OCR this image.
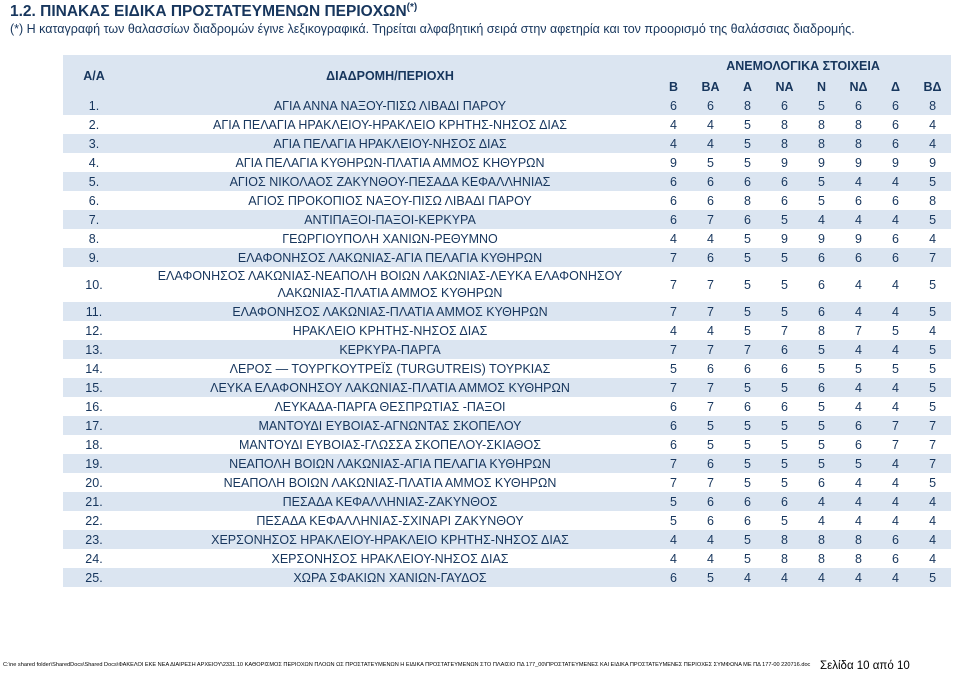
1.2. ΠΙΝΑΚΑΣ ΕΙΔΙΚΑ ΠΡΟΣΤΑΤΕΥΜΕΝΩΝ ΠΕΡΙΟΧΩΝ(*)
(*) Η καταγραφή των θαλασσίων διαδρομών έγινε λεξικογραφικά. Τηρείται αλφαβητική σειρά στην αφετηρία και τον προορισμό της θαλάσσιας διαδρομής.
Α/Α	ΔΙΑΔΡΟΜΗ/ΠΕΡΙΟΧΗ	ΑΝΕΜΟΛΟΓΙΚΑ ΣΤΟΙΧΕΙΑ							
		Β	ΒΑ	Α	ΝΑ	Ν	ΝΔ	Δ	ΒΔ
1.	ΑΓΙΑ ΑΝΝΑ ΝΑΞΟΥ-ΠΙΣΩ ΛΙΒΑΔΙ ΠΑΡΟΥ	6	6	8	6	5	6	6	8
2.	ΑΓΙΑ ΠΕΛΑΓΙΑ ΗΡΑΚΛΕΙΟΥ-ΗΡΑΚΛΕΙΟ ΚΡΗΤΗΣ-ΝΗΣΟΣ ΔΙΑΣ	4	4	5	8	8	8	6	4
3.	ΑΓΙΑ ΠΕΛΑΓΙΑ ΗΡΑΚΛΕΙΟΥ-ΝΗΣΟΣ ΔΙΑΣ	4	4	5	8	8	8	6	4
4.	ΑΓΙΑ ΠΕΛΑΓΙΑ ΚΥΘΗΡΩΝ-ΠΛΑΤΙΑ ΑΜΜΟΣ ΚΗΘΥΡΩΝ	9	5	5	9	9	9	9	9
5.	ΑΓΙΟΣ ΝΙΚΟΛΑΟΣ ΖΑΚΥΝΘΟΥ-ΠΕΣΑΔΑ ΚΕΦΑΛΛΗΝΙΑΣ	6	6	6	6	5	4	4	5
6.	ΑΓΙΟΣ ΠΡΟΚΟΠΙΟΣ ΝΑΞΟΥ-ΠΙΣΩ ΛΙΒΑΔΙ ΠΑΡΟΥ	6	6	8	6	5	6	6	8
7.	ΑΝΤΙΠΑΞΟΙ-ΠΑΞΟΙ-ΚΕΡΚΥΡΑ	6	7	6	5	4	4	4	5
8.	ΓΕΩΡΓΙΟΥΠΟΛΗ ΧΑΝΙΩΝ-ΡΕΘΥΜΝΟ	4	4	5	9	9	9	6	4
9.	ΕΛΑΦΟΝΗΣΟΣ ΛΑΚΩΝΙΑΣ-ΑΓΙΑ ΠΕΛΑΓΙΑ ΚΥΘΗΡΩΝ	7	6	5	5	6	6	6	7
10.	ΕΛΑΦΟΝΗΣΟΣ ΛΑΚΩΝΙΑΣ-ΝΕΑΠΟΛΗ ΒΟΙΩΝ ΛΑΚΩΝΙΑΣ-ΛΕΥΚΑ ΕΛΑΦΟΝΗΣΟΥ ΛΑΚΩΝΙΑΣ-ΠΛΑΤΙΑ ΑΜΜΟΣ ΚΥΘΗΡΩΝ	7	7	5	5	6	4	4	5
11.	ΕΛΑΦΟΝΗΣΟΣ ΛΑΚΩΝΙΑΣ-ΠΛΑΤΙΑ ΑΜΜΟΣ ΚΥΘΗΡΩΝ	7	7	5	5	6	4	4	5
12.	ΗΡΑΚΛΕΙΟ ΚΡΗΤΗΣ-ΝΗΣΟΣ ΔΙΑΣ	4	4	5	7	8	7	5	4
13.	ΚΕΡΚΥΡΑ-ΠΑΡΓΑ	7	7	7	6	5	4	4	5
14.	ΛΕΡΟΣ — ΤΟΥΡΓΚΟΥΤΡΕΪΣ (TURGUTREIS) ΤΟΥΡΚΙΑΣ	5	6	6	6	5	5	5	5
15.	ΛΕΥΚΑ ΕΛΑΦΟΝΗΣΟΥ ΛΑΚΩΝΙΑΣ-ΠΛΑΤΙΑ ΑΜΜΟΣ ΚΥΘΗΡΩΝ	7	7	5	5	6	4	4	5
16.	ΛΕΥΚΑΔΑ-ΠΑΡΓΑ ΘΕΣΠΡΩΤΙΑΣ -ΠΑΞΟΙ	6	7	6	6	5	4	4	5
17.	ΜΑΝΤΟΥΔΙ ΕΥΒΟΙΑΣ-ΑΓΝΩΝΤΑΣ ΣΚΟΠΕΛΟΥ	6	5	5	5	5	6	7	7
18.	ΜΑΝΤΟΥΔΙ ΕΥΒΟΙΑΣ-ΓΛΩΣΣΑ ΣΚΟΠΕΛΟΥ-ΣΚΙΑΘΟΣ	6	5	5	5	5	6	7	7
19.	ΝΕΑΠΟΛΗ ΒΟΙΩΝ ΛΑΚΩΝΙΑΣ-ΑΓΙΑ ΠΕΛΑΓΙΑ ΚΥΘΗΡΩΝ	7	6	5	5	5	5	4	7
20.	ΝΕΑΠΟΛΗ ΒΟΙΩΝ ΛΑΚΩΝΙΑΣ-ΠΛΑΤΙΑ ΑΜΜΟΣ ΚΥΘΗΡΩΝ	7	7	5	5	6	4	4	5
21.	ΠΕΣΑΔΑ ΚΕΦΑΛΛΗΝΙΑΣ-ΖΑΚΥΝΘΟΣ	5	6	6	6	4	4	4	4
22.	ΠΕΣΑΔΑ ΚΕΦΑΛΛΗΝΙΑΣ-ΣΧΙΝΑΡΙ ΖΑΚΥΝΘΟΥ	5	6	6	5	4	4	4	4
23.	ΧΕΡΣΟΝΗΣΟΣ ΗΡΑΚΛΕΙΟΥ-ΗΡΑΚΛΕΙΟ ΚΡΗΤΗΣ-ΝΗΣΟΣ ΔΙΑΣ	4	4	5	8	8	8	6	4
24.	ΧΕΡΣΟΝΗΣΟΣ ΗΡΑΚΛΕΙΟΥ-ΝΗΣΟΣ ΔΙΑΣ	4	4	5	8	8	8	6	4
25.	ΧΩΡΑ ΣΦΑΚΙΩΝ ΧΑΝΙΩΝ-ΓΑΥΔΟΣ	6	5	4	4	4	4	4	5
C:\ne shared folder\SharedDocs\Shared Docs\ΦΑΚΕΛΟΙ ΕΚΕ ΝΕΑ ΔΙΑΙΡΕΣΗ ΑΡΧΕΙΟΥ\2331.10 ΚΑΘΟΡΙΣΜΟΣ ΠΕΡΙΟΧΩΝ ΠΛΟΩΝ ΩΣ ΠΡΟΣΤΑΤΕΥΜΕΝΩΝ Η ΕΙΔΙΚΑ ΠΡΟΣΤΑΤΕΥΜΕΝΩΝ ΣΤΟ ΠΛΑΙΣΙΟ ΠΔ 177_00\ΠΡΟΣΤΑΤΕΥΜΕΝΕΣ ΚΑΙ ΕΙΔΙΚΑ ΠΡΟΣΤΑΤΕΥΜΕΝΕΣ ΠΕΡΙΟΧΕΣ ΣΥΜΦΩΝΑ ΜΕ ΠΔ 177-00 220716.doc Σελίδα 10 από 10
